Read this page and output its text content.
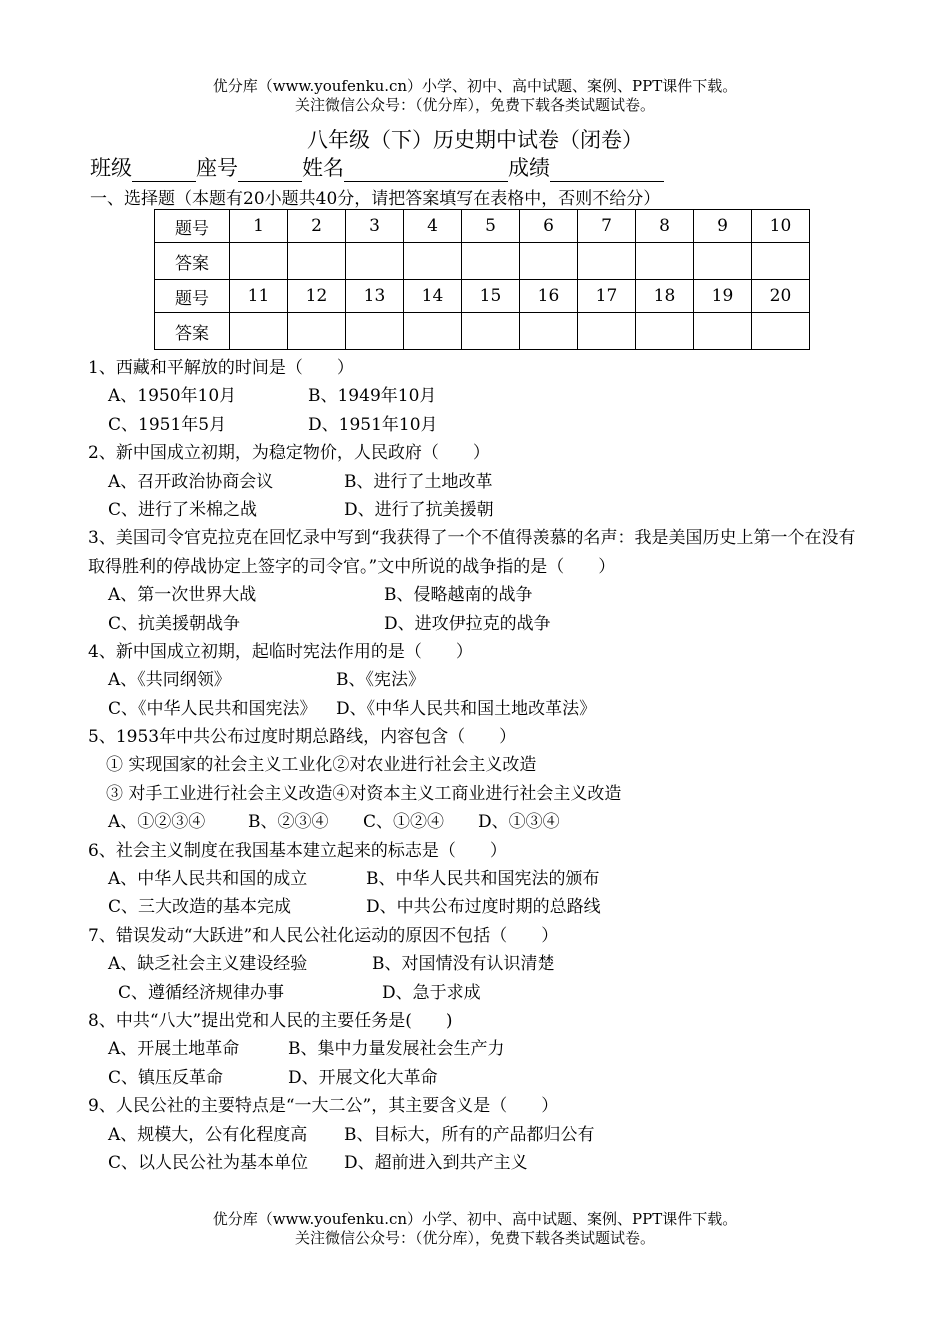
优分库（www.youfenku.cn）小学、初中、高中试题、案例、PPT课件下载。
关注微信公众号：（优分库），免费下载各类试题试卷。
八年级（下）历史期中试卷（闭卷）
班级	座号	姓名	成绩
一、选择题（本题有20小题共40分，请把答案填写在表格中，否则不给分）
题号	1	2	3	4	5	6	7	8	9	10
答案										
题号	11	12	13	14	15	16	17	18	19	20
答案										
1、西藏和平解放的时间是（　　）
A、1950年10月	B、1949年10月
C、1951年5月	D、1951年10月
2、新中国成立初期，为稳定物价，人民政府（　　）
A、召开政治协商会议	B、进行了土地改革
C、进行了米棉之战	D、进行了抗美援朝
3、美国司令官克拉克在回忆录中写到“我获得了一个不值得羡慕的名声：我是美国历史上第一个在没有取得胜利的停战协定上签字的司令官。”文中所说的战争指的是（　　）
A、第一次世界大战	B、侵略越南的战争
C、抗美援朝战争	D、进攻伊拉克的战争
4、新中国成立初期，起临时宪法作用的是（　　）
A、《共同纲领》	B、《宪法》
C、《中华人民共和国宪法》 D、《中华人民共和国土地改革法》
5、1953年中共公布过度时期总路线，内容包含（　　）
① 实现国家的社会主义工业化②对农业进行社会主义改造
③ 对手工业进行社会主义改造④对资本主义工商业进行社会主义改造
A、①②③④	B、②③④ C、①②④ D、①③④
6、社会主义制度在我国基本建立起来的标志是（　　）
A、中华人民共和国的成立	B、中华人民共和国宪法的颁布
C、三大改造的基本完成	D、中共公布过度时期的总路线
7、错误发动“大跃进”和人民公社化运动的原因不包括（　　）
A、缺乏社会主义建设经验	B、对国情没有认识清楚
C、遵循经济规律办事	D、急于求成
8、中共“八大”提出党和人民的主要任务是(　　)
A、开展土地革命	B、集中力量发展社会生产力
C、镇压反革命	D、开展文化大革命
9、人民公社的主要特点是“一大二公”，其主要含义是（　　）
A、规模大，公有化程度高 B、目标大，所有的产品都归公有
C、以人民公社为基本单位 D、超前进入到共产主义
优分库（www.youfenku.cn）小学、初中、高中试题、案例、PPT课件下载。
关注微信公众号：（优分库），免费下载各类试题试卷。
